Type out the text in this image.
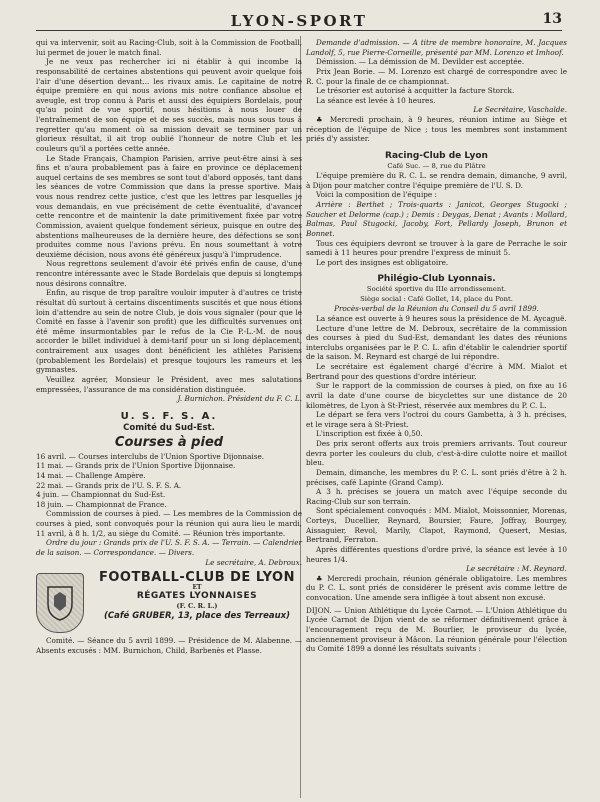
LYON-SPORT	13

qui va intervenir, soit au Racing-Club, soit à la Commission de Football, lui permet de jouer le match final.

Je ne veux pas rechercher ici ni établir à qui incombe la responsabilité de certaines abstentions qui peuvent avoir quelque fois l'air d'une désertion devant... les rivaux amis. Le capitaine de notre équipe première en qui nous avions mis notre confiance absolue et aveugle, est trop connu à Paris et aussi des équipiers Bordelais, pour qu'au point de vue sportif, nous hésitions à nous louer de l'entraînement de son équipe et de ses succès, mais nous sous tous à regretter qu'au moment où sa mission devait se terminer par un glorieux résultat, il ait trop oublié l'honneur de notre Club et les couleurs qu'il a portées cette année.

Le Stade Français, Champion Parisien, arrive peut-être ainsi à ses fins et n'aura probablement pas à faire en province ce déplacement auquel certains de ses membres se sont tout d'abord opposés, tant dans les séances de votre Commission que dans la presse sportive. Mais vous nous rendrez cette justice, c'est que les lettres par lesquelles je vous demandais, en vue précisément de cette éventualité, d'avancer cette rencontre et de maintenir la date primitivement fixée par votre Commission, avaient quelque fondement sérieux, puisque en outre des abstentions malheureuses de la dernière heure, des défections se sont produites comme nous l'avions prévu. En nous soumettant à votre deuxième décision, nous avons été généreux jusqu'à l'imprudence.

Nous regrettons seulement d'avoir été privés enfin de cause, d'une rencontre intéressante avec le Stade Bordelais que depuis si longtemps nous désirons connaître.

Enfin, au risque de trop paraître vouloir imputer à d'autres ce triste résultat dû surtout à certains discentiments suscités et que nous étions loin d'attendre au sein de notre Club, je dois vous signaler (pour que le Comité en fasse à l'avenir son profit) que les difficultés survenues ont été même insurmontables par le refus de la Cie P.-L.-M. de nous accorder le billet individuel à demi-tarif pour un si long déplacement, contrairement aux usages dont bénéficient les athlètes Parisiens (probablement les Bordelais) et presque toujours les rameurs et les gymnastes.

Veuillez agréer, Monsieur le Président, avec mes salutations empressées, l'assurance de ma considération distinguée.

J. Burnichon. Président du F. C. L.

U. S. F. S. A.
Comité du Sud-Est.
Courses à pied

16 avril. — Courses interclubs de l'Union Sportive Dijonnaise.

11 mai. — Grands prix de l'Union Sportive Dijonnaise.

14 mai. — Challenge Ampère.

22 mai. — Grands prix de l'U. S. F. S. A.

4 juin. — Championnat du Sud-Est.

18 juin. — Championnat de France.

Commission de courses à pied. — Les membres de la Commission de courses à pied, sont convoqués pour la réunion qui aura lieu le mardi, 11 avril, à 8 h. 1/2, au siège du Comité. — Réunion très importante.

Ordre du jour : Grands prix de l'U. S. F. S. A. — Terrain. — Calendrier de la saison. — Correspondance. — Divers.

Le secrétaire, A. Debroux.

FOOTBALL-CLUB DE LYON
ET
RÉGATES LYONNAISES
(F. C. R. L.)
(Café GRUBER, 13, place des Terreaux)

Comité. — Séance du 5 avril 1899. — Présidence de M. Alabenne. — Absents excusés : MM. Burnichon, Child, Barbenès et Plasse.

Demande d'admission. — A titre de membre honoraire, M. Jacques Landolf, 5, rue Pierre-Corneille, présenté par MM. Lorenzo et Imhoof.

Démission. — La démission de M. Devilder est acceptée.

Prix Jean Borie. — M. Lorenzo est chargé de correspondre avec le R. C. pour la finale de ce championnat.

Le trésorier est autorisé à acquitter la facture Storck.

La séance est levée à 10 heures.

Le Secrétaire, Vaschalde.

♣ Mercredi prochain, à 9 heures, réunion intime au Siège et réception de l'équipe de Nice ; tous les membres sont instamment priés d'y assister.

Racing-Club de Lyon

Café Suc. — 8, rue du Plâtre

L'équipe première du R. C. L. se rendra demain, dimanche, 9 avril, à Dijon pour matcher contre l'équipe première de l'U. S. D.

Voici la composition de l'équipe :

Arrière : Berthet ; Trois-quarts : Janicot, Georges Stugocki ; Saucher et Delorme (cap.) ; Demis : Deygas, Denat ; Avants : Mollard, Balmas, Paul Stugocki, Jacoby, Fort, Pellardy Joseph, Brunon et Bonnet.

Tous ces équipiers devront se trouver à la gare de Perrache le soir samedi à 11 heures pour prendre l'express de minuit 5.

Le port des insignes est obligatoire.

Philégio-Club Lyonnais.

Société sportive du IIIe arrondissement.

Siège social : Café Gollet, 14, place du Pont.

Procès-verbal de la Réunion du Conseil du 5 avril 1899.

La séance est ouverte à 9 heures sous la présidence de M. Aycaguë.

Lecture d'une lettre de M. Debroux, secrétaire de la commission des courses à pied du Sud-Est, demandant les dates des réunions interclubs organisées par le P. C. L. afin d'établir le calendrier sportif de la saison. M. Reynard est chargé de lui répondre.

Le secrétaire est également chargé d'écrire à MM. Mialot et Bertrand pour des questions d'ordre intérieur.

Sur le rapport de la commission de courses à pied, on fixe au 16 avril la date d'une course de bicyclettes sur une distance de 20 kilomètres, de Lyon à St-Priest, réservée aux membres du P. C. L.

Le départ se fera vers l'octroi du cours Gambetta, à 3 h. précises, et le virage sera à St-Priest.

L'inscription est fixée à 0,50.

Des prix seront offerts aux trois premiers arrivants. Tout coureur devra porter les couleurs du club, c'est-à-dire culotte noire et maillot bleu.

Demain, dimanche, les membres du P. C. L. sont priés d'être à 2 h. précises, café Lapinte (Grand Camp).

A 3 h. précises se jouera un match avec l'équipe seconde du Racing-Club sur son terrain.

Sont spécialement convoqués : MM. Mialot, Moissonnier, Morenas, Corteys, Ducellier, Reynard, Boursier, Faure, Joffray, Bourgey, Aissaguier, Revol, Marily, Clapot, Raymond, Quesert, Mesias, Bertrand, Ferraton.

Après différentes questions d'ordre privé, la séance est levée à 10 heures 1/4.

Le secrétaire : M. Reynard.

♣ Mercredi prochain, réunion générale obligatoire. Les membres du P. C. L. sont priés de considérer le présent avis comme lettre de convocation. Une amende sera infligée à tout absent non excusé.

DIJON. — Union Athlétique du Lycée Carnot. — L'Union Athlétique du Lycée Carnot de Dijon vient de se réformer définitivement grâce à l'encouragement reçu de M. Bourlier, le proviseur du lycée, anciennement proviseur à Mâcon. La réunion générale pour l'élection du Comité 1899 a donné les résultats suivants :
